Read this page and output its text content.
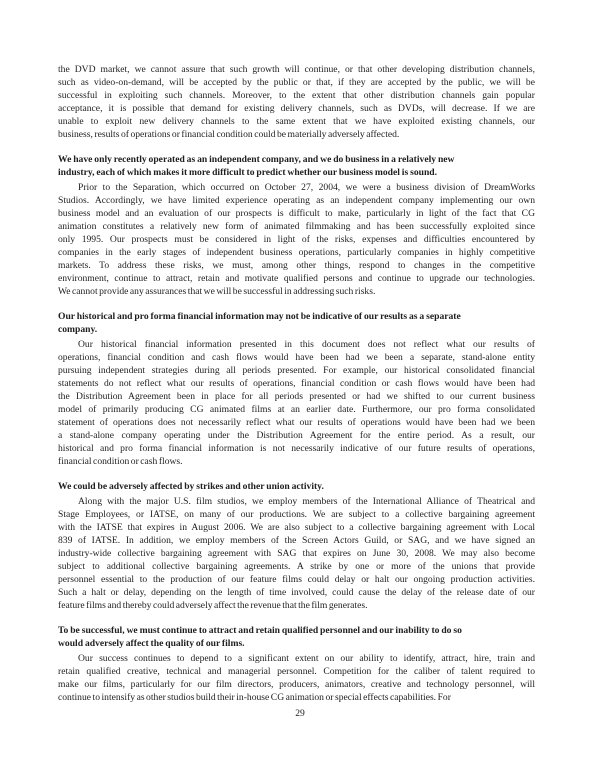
the DVD market, we cannot assure that such growth will continue, or that other developing distribution channels,
such as video-on-demand, will be accepted by the public or that, if they are accepted by the public, we will be
successful in exploiting such channels. Moreover, to the extent that other distribution channels gain popular
acceptance, it is possible that demand for existing delivery channels, such as DVDs, will decrease. If we are
unable to exploit new delivery channels to the same extent that we have exploited existing channels, our
business, results of operations or financial condition could be materially adversely affected.
We have only recently operated as an independent company, and we do business in a relatively new
industry, each of which makes it more difficult to predict whether our business model is sound.
Prior to the Separation, which occurred on October 27, 2004, we were a business division of DreamWorks
Studios. Accordingly, we have limited experience operating as an independent company implementing our own
business model and an evaluation of our prospects is difficult to make, particularly in light of the fact that CG
animation constitutes a relatively new form of animated filmmaking and has been successfully exploited since
only 1995. Our prospects must be considered in light of the risks, expenses and difficulties encountered by
companies in the early stages of independent business operations, particularly companies in highly competitive
markets. To address these risks, we must, among other things, respond to changes in the competitive
environment, continue to attract, retain and motivate qualified persons and continue to upgrade our technologies.
We cannot provide any assurances that we will be successful in addressing such risks.
Our historical and pro forma financial information may not be indicative of our results as a separate
company.
Our historical financial information presented in this document does not reflect what our results of
operations, financial condition and cash flows would have been had we been a separate, stand-alone entity
pursuing independent strategies during all periods presented. For example, our historical consolidated financial
statements do not reflect what our results of operations, financial condition or cash flows would have been had
the Distribution Agreement been in place for all periods presented or had we shifted to our current business
model of primarily producing CG animated films at an earlier date. Furthermore, our pro forma consolidated
statement of operations does not necessarily reflect what our results of operations would have been had we been
a stand-alone company operating under the Distribution Agreement for the entire period. As a result, our
historical and pro forma financial information is not necessarily indicative of our future results of operations,
financial condition or cash flows.
We could be adversely affected by strikes and other union activity.
Along with the major U.S. film studios, we employ members of the International Alliance of Theatrical and
Stage Employees, or IATSE, on many of our productions. We are subject to a collective bargaining agreement
with the IATSE that expires in August 2006. We are also subject to a collective bargaining agreement with Local
839 of IATSE. In addition, we employ members of the Screen Actors Guild, or SAG, and we have signed an
industry-wide collective bargaining agreement with SAG that expires on June 30, 2008. We may also become
subject to additional collective bargaining agreements. A strike by one or more of the unions that provide
personnel essential to the production of our feature films could delay or halt our ongoing production activities.
Such a halt or delay, depending on the length of time involved, could cause the delay of the release date of our
feature films and thereby could adversely affect the revenue that the film generates.
To be successful, we must continue to attract and retain qualified personnel and our inability to do so
would adversely affect the quality of our films.
Our success continues to depend to a significant extent on our ability to identify, attract, hire, train and
retain qualified creative, technical and managerial personnel. Competition for the caliber of talent required to
make our films, particularly for our film directors, producers, animators, creative and technology personnel, will
continue to intensify as other studios build their in-house CG animation or special effects capabilities. For
29
